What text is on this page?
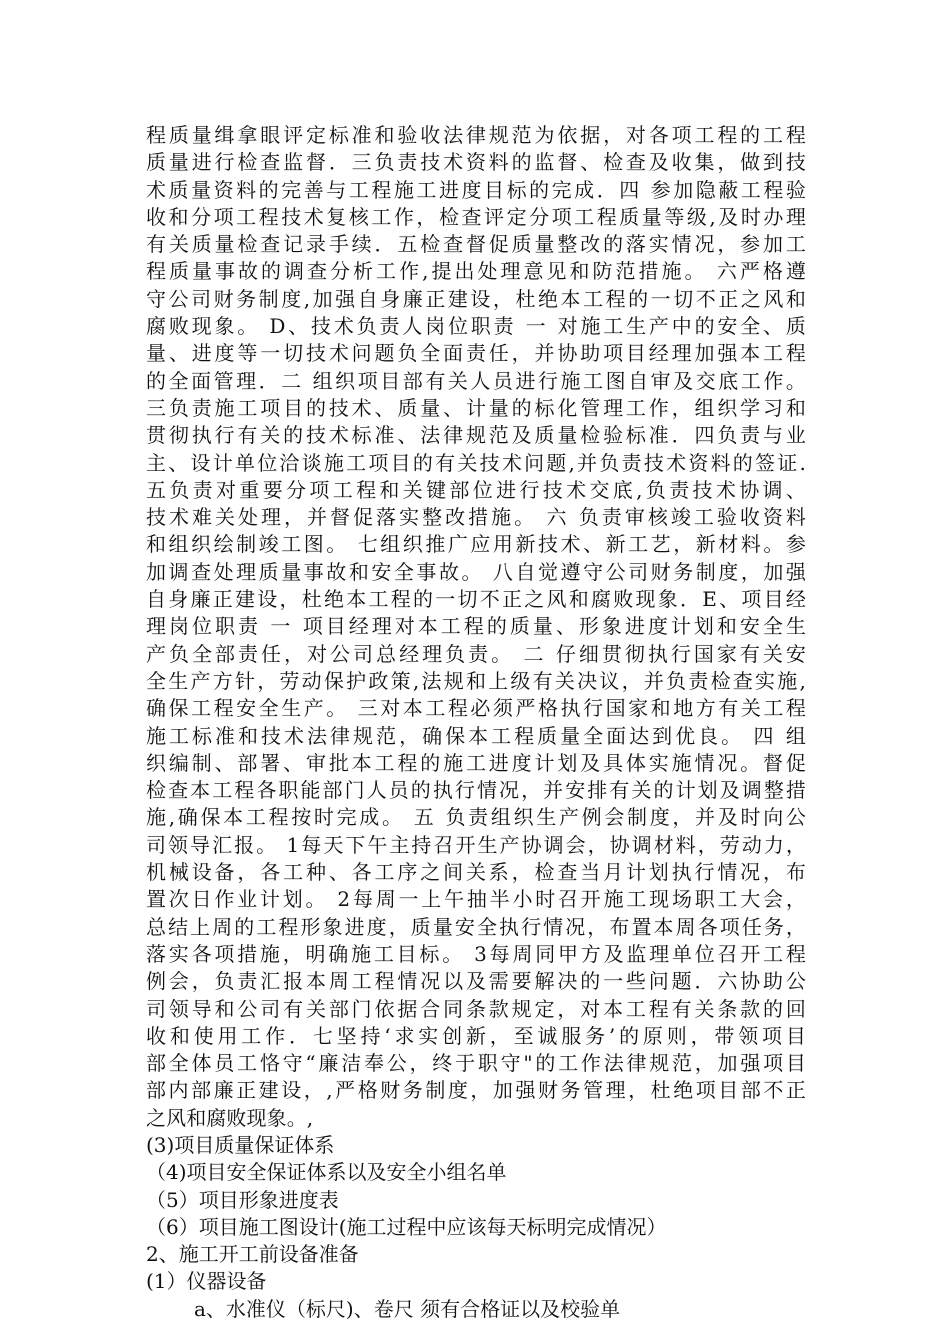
程质量缉拿眼评定标准和验收法律规范为依据，对各项工程的工程
质量进行检查监督．三负责技术资料的监督、检查及收集，做到技
术质量资料的完善与工程施工进度目标的完成．四 参加隐蔽工程验
收和分项工程技术复核工作，检查评定分项工程质量等级,及时办理
有关质量检查记录手续．五检查督促质量整改的落实情况，参加工
程质量事故的调查分析工作,提出处理意见和防范措施。 六严格遵
守公司财务制度,加强自身廉正建设，杜绝本工程的一切不正之风和
腐败现象。 D、技术负责人岗位职责 一 对施工生产中的安全、质
量、进度等一切技术问题负全面责任，并协助项目经理加强本工程
的全面管理．二 组织项目部有关人员进行施工图自审及交底工作。
三负责施工项目的技术、质量、计量的标化管理工作，组织学习和
贯彻执行有关的技术标准、法律规范及质量检验标准．四负责与业
主、设计单位洽谈施工项目的有关技术问题,并负责技术资料的签证.
五负责对重要分项工程和关键部位进行技术交底,负责技术协调、
技术难关处理，并督促落实整改措施。 六 负责审核竣工验收资料
和组织绘制竣工图。 七组织推广应用新技术、新工艺，新材料。参
加调查处理质量事故和安全事故。 八自觉遵守公司财务制度，加强
自身廉正建设，杜绝本工程的一切不正之风和腐败现象．E、项目经
理岗位职责 一 项目经理对本工程的质量、形象进度计划和安全生
产负全部责任，对公司总经理负责。 二 仔细贯彻执行国家有关安
全生产方针，劳动保护政策,法规和上级有关决议，并负责检查实施,
确保工程安全生产。 三对本工程必须严格执行国家和地方有关工程
施工标准和技术法律规范，确保本工程质量全面达到优良。 四 组
织编制、部署、审批本工程的施工进度计划及具体实施情况。督促
检查本工程各职能部门人员的执行情况，并安排有关的计划及调整措
施,确保本工程按时完成。 五 负责组织生产例会制度，并及时向公
司领导汇报。 1每天下午主持召开生产协调会，协调材料，劳动力，
机械设备，各工种、各工序之间关系，检查当月计划执行情况，布
置次日作业计划。 2每周一上午抽半小时召开施工现场职工大会，
总结上周的工程形象进度，质量安全执行情况，布置本周各项任务，
落实各项措施，明确施工目标。 3每周同甲方及监理单位召开工程
例会，负责汇报本周工程情况以及需要解决的一些问题．六协助公
司领导和公司有关部门依据合同条款规定，对本工程有关条款的回
收和使用工作．七坚持‘求实创新，至诚服务’的原则，带领项目
部全体员工恪守“廉洁奉公，终于职守"的工作法律规范，加强项目
部内部廉正建设，,严格财务制度，加强财务管理，杜绝项目部不正
之风和腐败现象。,
(3)项目质量保证体系
（4)项目安全保证体系以及安全小组名单
（5）项目形象进度表
（6）项目施工图设计(施工过程中应该每天标明完成情况）
2、施工开工前设备准备
(1）仪器设备
a、水准仪（标尺)、卷尺 须有合格证以及校验单
